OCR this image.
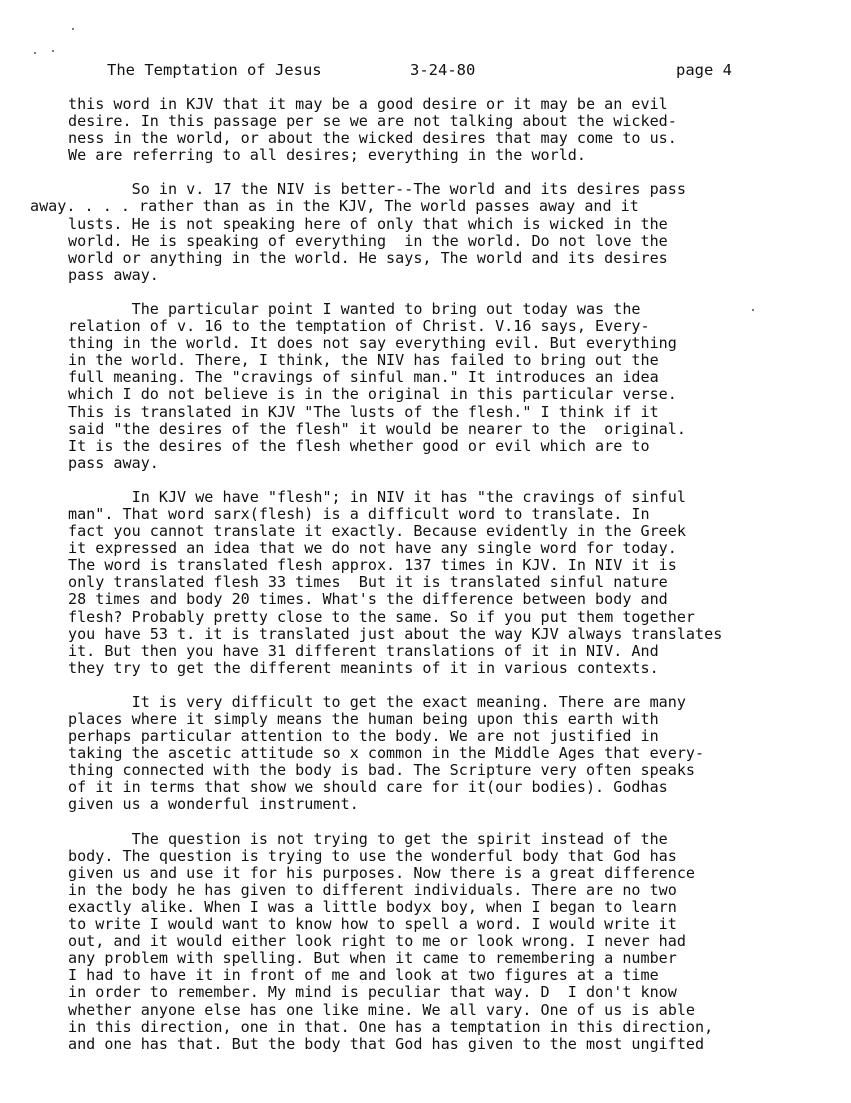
The Temptation of Jesus	3-24-80	page 4
this word in KJV that it may be a good desire or it may be an evil
desire. In this passage per se we are not talking about the wicked-
ness in the world, or about the wicked desires that may come to us.
We are referring to all desires; everything in the world.
So in v. 17 the NIV is better--The world and its desires pass
away. . . . rather than as in the KJV, The world passes away and it
lusts. He is not speaking here of only that which is wicked in the
world. He is speaking of everything  in the world. Do not love the
world or anything in the world. He says, The world and its desires
pass away.
The particular point I wanted to bring out today was the
relation of v. 16 to the temptation of Christ. V.16 says, Every-
thing in the world. It does not say everything evil. But everything
in the world. There, I think, the NIV has failed to bring out the
full meaning. The "cravings of sinful man." It introduces an idea
which I do not believe is in the original in this particular verse.
This is translated in KJV "The lusts of the flesh." I think if it
said "the desires of the flesh" it would be nearer to the  original.
It is the desires of the flesh whether good or evil which are to
pass away.
In KJV we have "flesh"; in NIV it has "the cravings of sinful
man". That word sarx(flesh) is a difficult word to translate. In
fact you cannot translate it exactly. Because evidently in the Greek
it expressed an idea that we do not have any single word for today.
The word is translated flesh approx. 137 times in KJV. In NIV it is
only translated flesh 33 times  But it is translated sinful nature
28 times and body 20 times. What's the difference between body and
flesh? Probably pretty close to the same. So if you put them together
you have 53 t. it is translated just about the way KJV always translates
it. But then you have 31 different translations of it in NIV. And
they try to get the different meanints of it in various contexts.
It is very difficult to get the exact meaning. There are many
places where it simply means the human being upon this earth with
perhaps particular attention to the body. We are not justified in
taking the ascetic attitude so x common in the Middle Ages that every-
thing connected with the body is bad. The Scripture very often speaks
of it in terms that show we should care for it(our bodies). Godhas
given us a wonderful instrument.
The question is not trying to get the spirit instead of the
body. The question is trying to use the wonderful body that God has
given us and use it for his purposes. Now there is a great difference
in the body he has given to different individuals. There are no two
exactly alike. When I was a little bodyx boy, when I began to learn
to write I would want to know how to spell a word. I would write it
out, and it would either look right to me or look wrong. I never had
any problem with spelling. But when it came to remembering a number
I had to have it in front of me and look at two figures at a time
in order to remember. My mind is peculiar that way. D  I don't know
whether anyone else has one like mine. We all vary. One of us is able
in this direction, one in that. One has a temptation in this direction,
and one has that. But the body that God has given to the most ungifted
